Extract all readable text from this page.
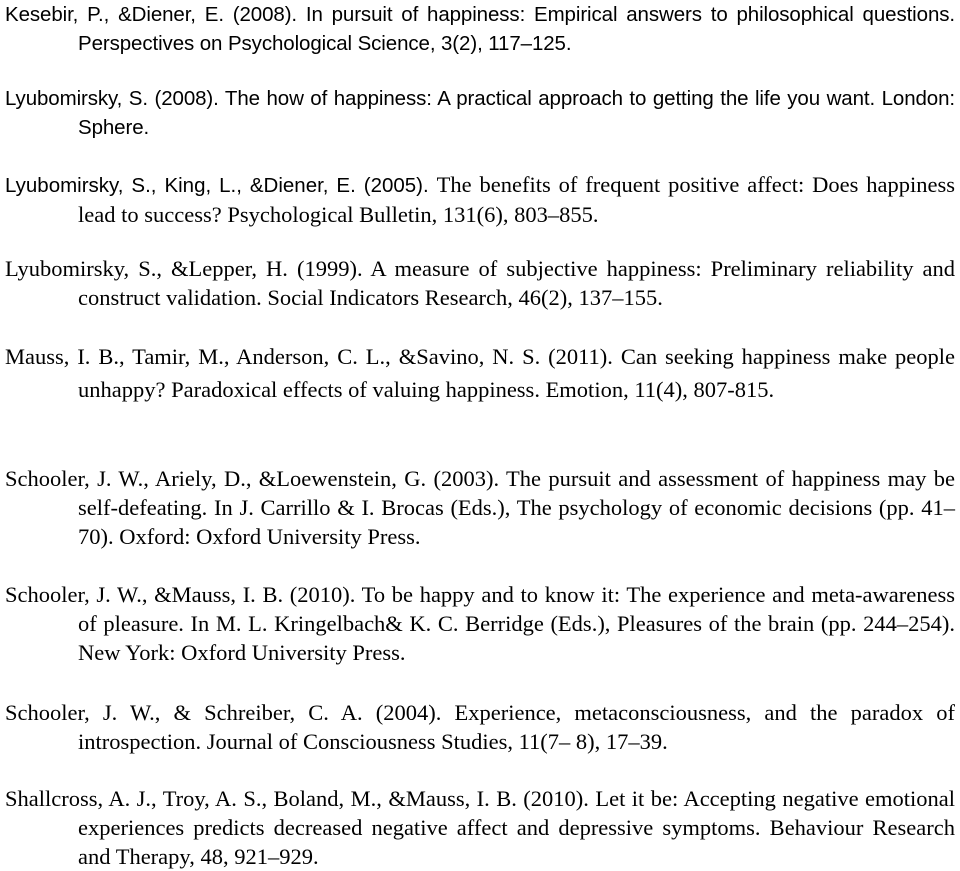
Kesebir, P., &Diener, E. (2008). In pursuit of happiness: Empirical answers to philosophical questions. Perspectives on Psychological Science, 3(2), 117–125.

Lyubomirsky, S. (2008). The how of happiness: A practical approach to getting the life you want. London: Sphere.

Lyubomirsky, S., King, L., &Diener, E. (2005). The benefits of frequent positive affect: Does happiness lead to success? Psychological Bulletin, 131(6), 803–855.

Lyubomirsky, S., &Lepper, H. (1999). A measure of subjective happiness: Preliminary reliability and construct validation. Social Indicators Research, 46(2), 137–155.

Mauss, I. B., Tamir, M., Anderson, C. L., &Savino, N. S. (2011). Can seeking happiness make people unhappy? Paradoxical effects of valuing happiness. Emotion, 11(4), 807-815.

Schooler, J. W., Ariely, D., &Loewenstein, G. (2003). The pursuit and assessment of happiness may be self-defeating. In J. Carrillo & I. Brocas (Eds.), The psychology of economic decisions (pp. 41–70). Oxford: Oxford University Press.

Schooler, J. W., &Mauss, I. B. (2010). To be happy and to know it: The experience and meta-awareness of pleasure. In M. L. Kringelbach& K. C. Berridge (Eds.), Pleasures of the brain (pp. 244–254). New York: Oxford University Press.

Schooler, J. W., & Schreiber, C. A. (2004). Experience, metaconsciousness, and the paradox of introspection. Journal of Consciousness Studies, 11(7– 8), 17–39.

Shallcross, A. J., Troy, A. S., Boland, M., &Mauss, I. B. (2010). Let it be: Accepting negative emotional experiences predicts decreased negative affect and depressive symptoms. Behaviour Research and Therapy, 48, 921–929.
